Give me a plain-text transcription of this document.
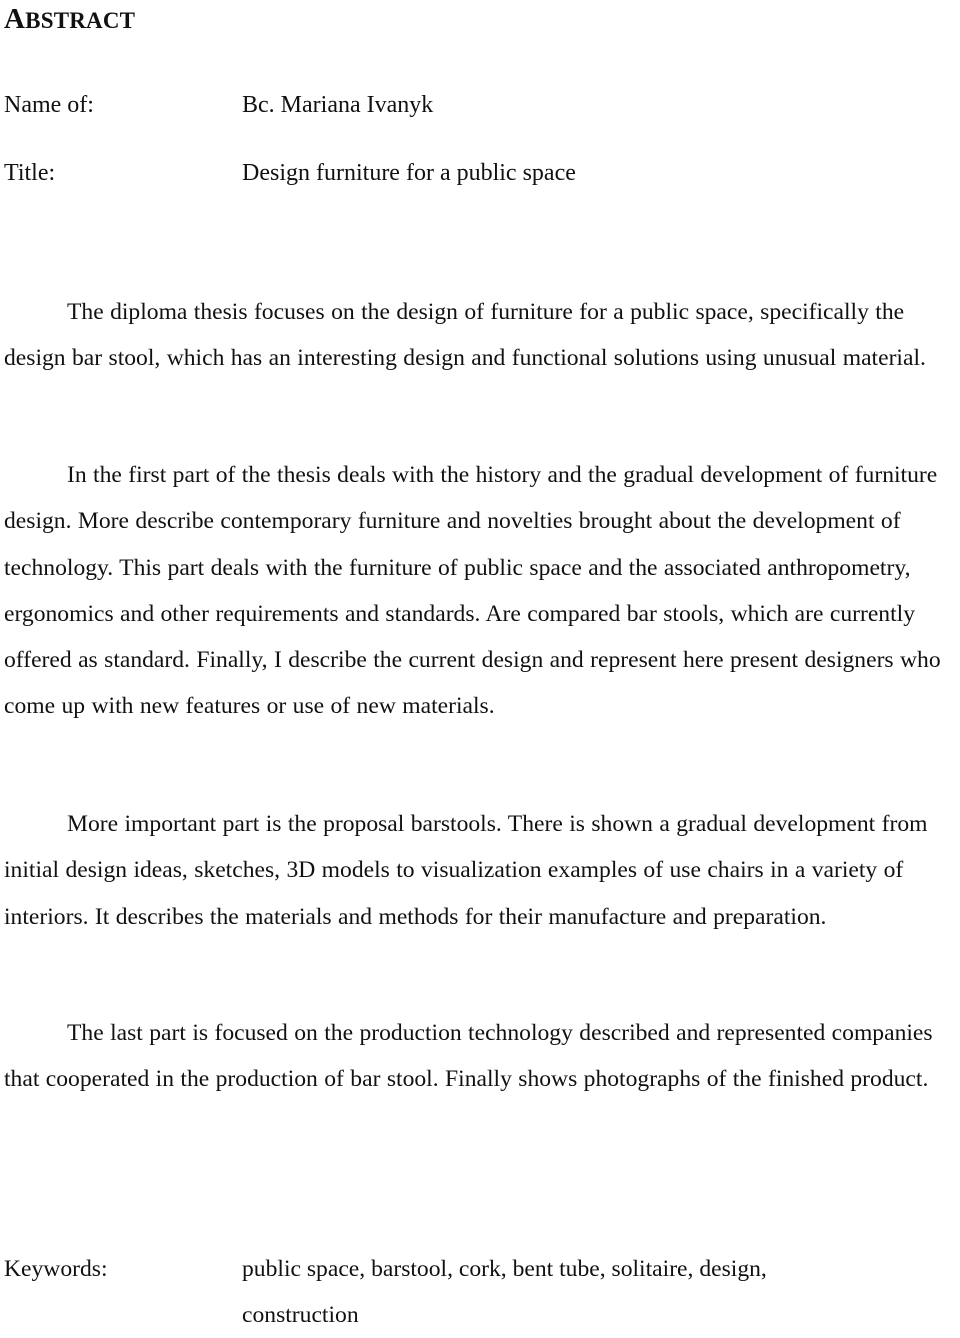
ABSTRACT
Name of:	Bc. Mariana Ivanyk
Title:	Design furniture for a public space

The diploma thesis focuses on the design of furniture for a public space, specifically the design bar stool, which has an interesting design and functional solutions using unusual material.

In the first part of the thesis deals with the history and the gradual development of furniture design. More describe contemporary furniture and novelties brought about the development of technology. This part deals with the furniture of public space and the associated anthropometry, ergonomics and other requirements and standards. Are compared bar stools, which are currently offered as standard. Finally, I describe the current design and represent here present designers who come up with new features or use of new materials.

More important part is the proposal barstools. There is shown a gradual development from initial design ideas, sketches, 3D models to visualization examples of use chairs in a variety of interiors. It describes the materials and methods for their manufacture and preparation.

The last part is focused on the production technology described and represented companies that cooperated in the production of bar stool. Finally shows photographs of the finished product.

Keywords:	public space, barstool, cork, bent tube, solitaire, design, construction
